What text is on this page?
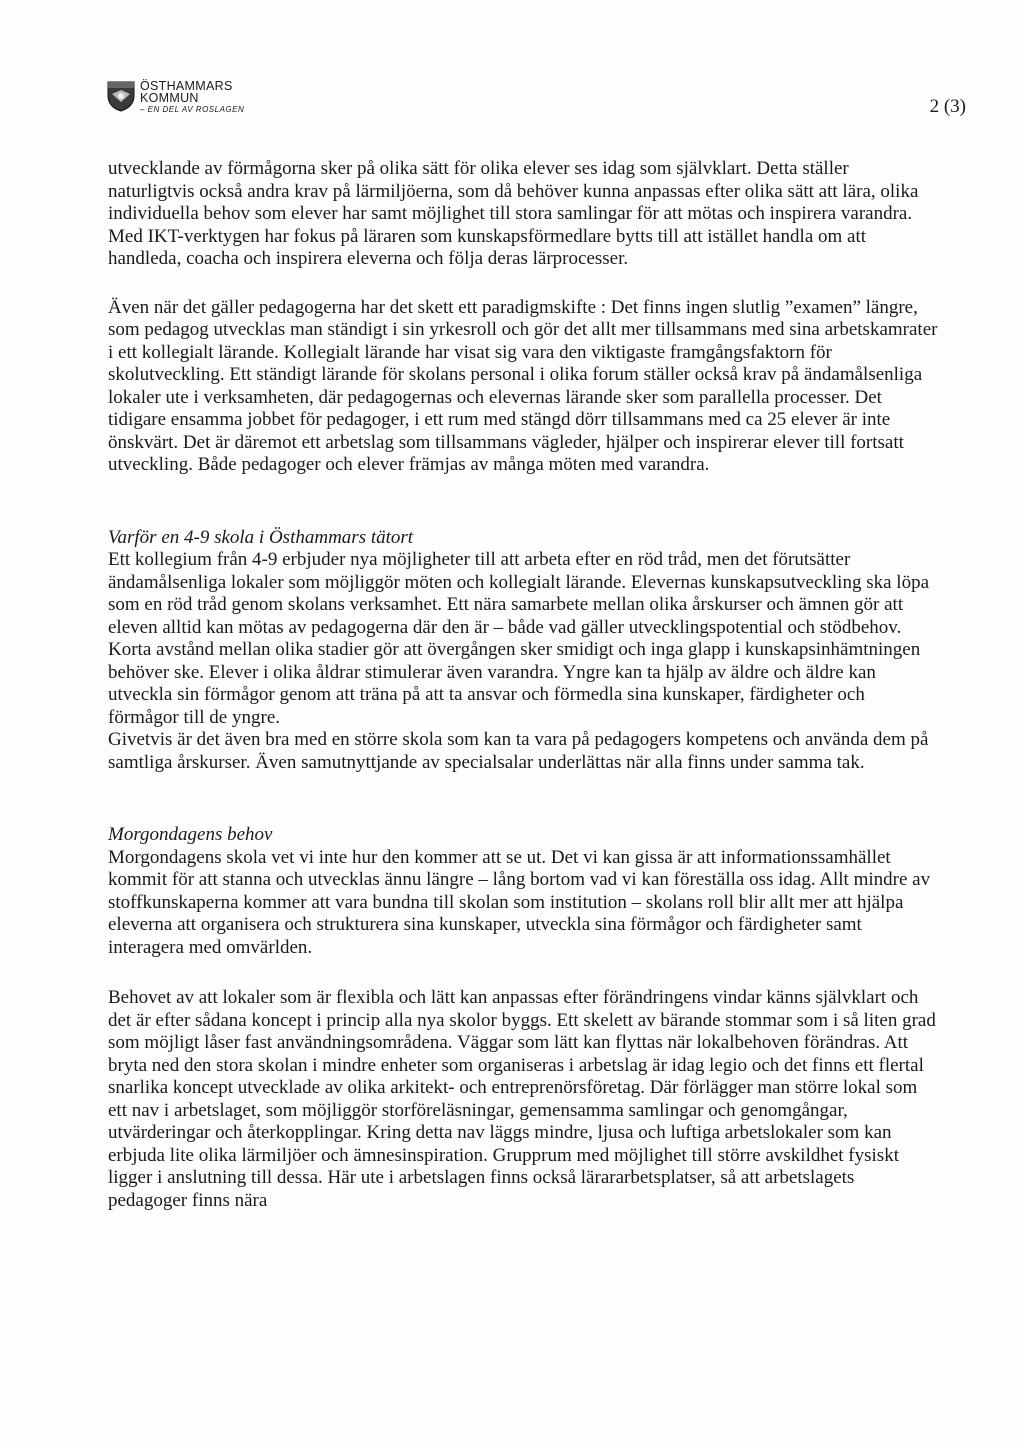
ÖSTHAMMARS
KOMMUN
– EN DEL AV ROSLAGEN	2 (3)

utvecklande av förmågorna sker på olika sätt för olika elever ses idag som självklart. Detta ställer naturligtvis också andra krav på lärmiljöerna, som då behöver kunna anpassas efter olika sätt att lära, olika individuella behov som elever har samt möjlighet till stora samlingar för att mötas och inspirera varandra. Med IKT-verktygen har fokus på läraren som kunskapsförmedlare bytts till att istället handla om att handleda, coacha och inspirera eleverna och följa deras lärprocesser.

Även när det gäller pedagogerna har det skett ett paradigmskifte : Det finns ingen slutlig ”examen” längre, som pedagog utvecklas man ständigt i sin yrkesroll och gör det allt mer tillsammans med sina arbetskamrater i ett kollegialt lärande. Kollegialt lärande har visat sig vara den viktigaste framgångsfaktorn för skolutveckling. Ett ständigt lärande för skolans personal i olika forum ställer också krav på ändamålsenliga lokaler ute i verksamheten, där pedagogernas och elevernas lärande sker som parallella processer. Det tidigare ensamma jobbet för pedagoger, i ett rum med stängd dörr tillsammans med ca 25 elever är inte önskvärt. Det är däremot ett arbetslag som tillsammans vägleder, hjälper och inspirerar elever till fortsatt utveckling. Både pedagoger och elever främjas av många möten med varandra.

Varför en 4-9 skola i Östhammars tätort

Ett kollegium från 4-9 erbjuder nya möjligheter till att arbeta efter en röd tråd, men det förutsätter ändamålsenliga lokaler som möjliggör möten och kollegialt lärande. Elevernas kunskapsutveckling ska löpa som en röd tråd genom skolans verksamhet. Ett nära samarbete mellan olika årskurser och ämnen gör att eleven alltid kan mötas av pedagogerna där den är – både vad gäller utvecklingspotential och stödbehov. Korta avstånd mellan olika stadier gör att övergången sker smidigt och inga glapp i kunskapsinhämtningen behöver ske. Elever i olika åldrar stimulerar även varandra. Yngre kan ta hjälp av äldre och äldre kan utveckla sin förmågor genom att träna på att ta ansvar och förmedla sina kunskaper, färdigheter och förmågor till de yngre.

Givetvis är det även bra med en större skola som kan ta vara på pedagogers kompetens och använda dem på samtliga årskurser. Även samutnyttjande av specialsalar underlättas när alla finns under samma tak.

Morgondagens behov

Morgondagens skola vet vi inte hur den kommer att se ut. Det vi kan gissa är att informationssamhället kommit för att stanna och utvecklas ännu längre – lång bortom vad vi kan föreställa oss idag. Allt mindre av stoffkunskaperna kommer att vara bundna till skolan som institution – skolans roll blir allt mer att hjälpa eleverna att organisera och strukturera sina kunskaper, utveckla sina förmågor och färdigheter samt interagera med omvärlden.

Behovet av att lokaler som är flexibla och lätt kan anpassas efter förändringens vindar känns självklart och det är efter sådana koncept i princip alla nya skolor byggs. Ett skelett av bärande stommar som i så liten grad som möjligt låser fast användningsområdena. Väggar som lätt kan flyttas när lokalbehoven förändras. Att bryta ned den stora skolan i mindre enheter som organiseras i arbetslag är idag legio och det finns ett flertal snarlika koncept utvecklade av olika arkitekt- och entreprenörsföretag. Där förlägger man större lokal som ett nav i arbetslaget, som möjliggör storföreläsningar, gemensamma samlingar och genomgångar, utvärderingar och återkopplingar. Kring detta nav läggs mindre, ljusa och luftiga arbetslokaler som kan erbjuda lite olika lärmiljöer och ämnesinspiration. Grupprum med möjlighet till större avskildhet fysiskt ligger i anslutning till dessa. Här ute i arbetslagen finns också lärararbetsplatser, så att arbetslagets pedagoger finns nära
